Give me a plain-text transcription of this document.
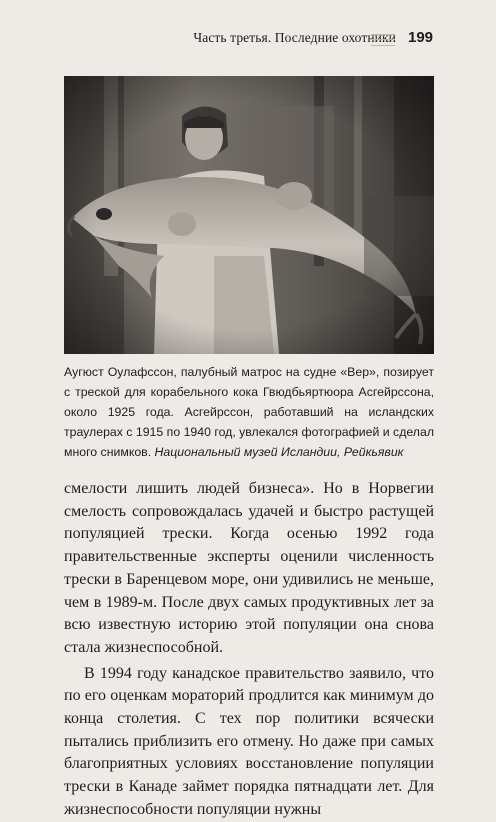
Часть третья. Последние охотники 199
Аугюст Оулафссон, палубный матрос на судне «Вер», позирует с треской для корабельного кока Гвюдбьяртюора Асгейрссона, около 1925 года. Асгейрссон, работавший на исландских траулерах с 1915 по 1940 год, увлекался фотографией и сделал много снимков. Национальный музей Исландии, Рейкьявик

смелости лишить людей бизнеса». Но в Норвегии смелость сопровождалась удачей и быстро растущей популяцией трески. Когда осенью 1992 года правительственные эксперты оценили численность трески в Баренцевом море, они удивились не меньше, чем в 1989-м. После двух самых продуктивных лет за всю известную историю этой популяции она снова стала жизнеспособной.

В 1994 году канадское правительство заявило, что по его оценкам мораторий продлится как минимум до конца столетия. С тех пор политики всячески пытались приблизить его отмену. Но даже при самых благоприятных условиях восстановление популяции трески в Канаде займет порядка пятнадцати лет. Для жизнеспособности популяции нужны
